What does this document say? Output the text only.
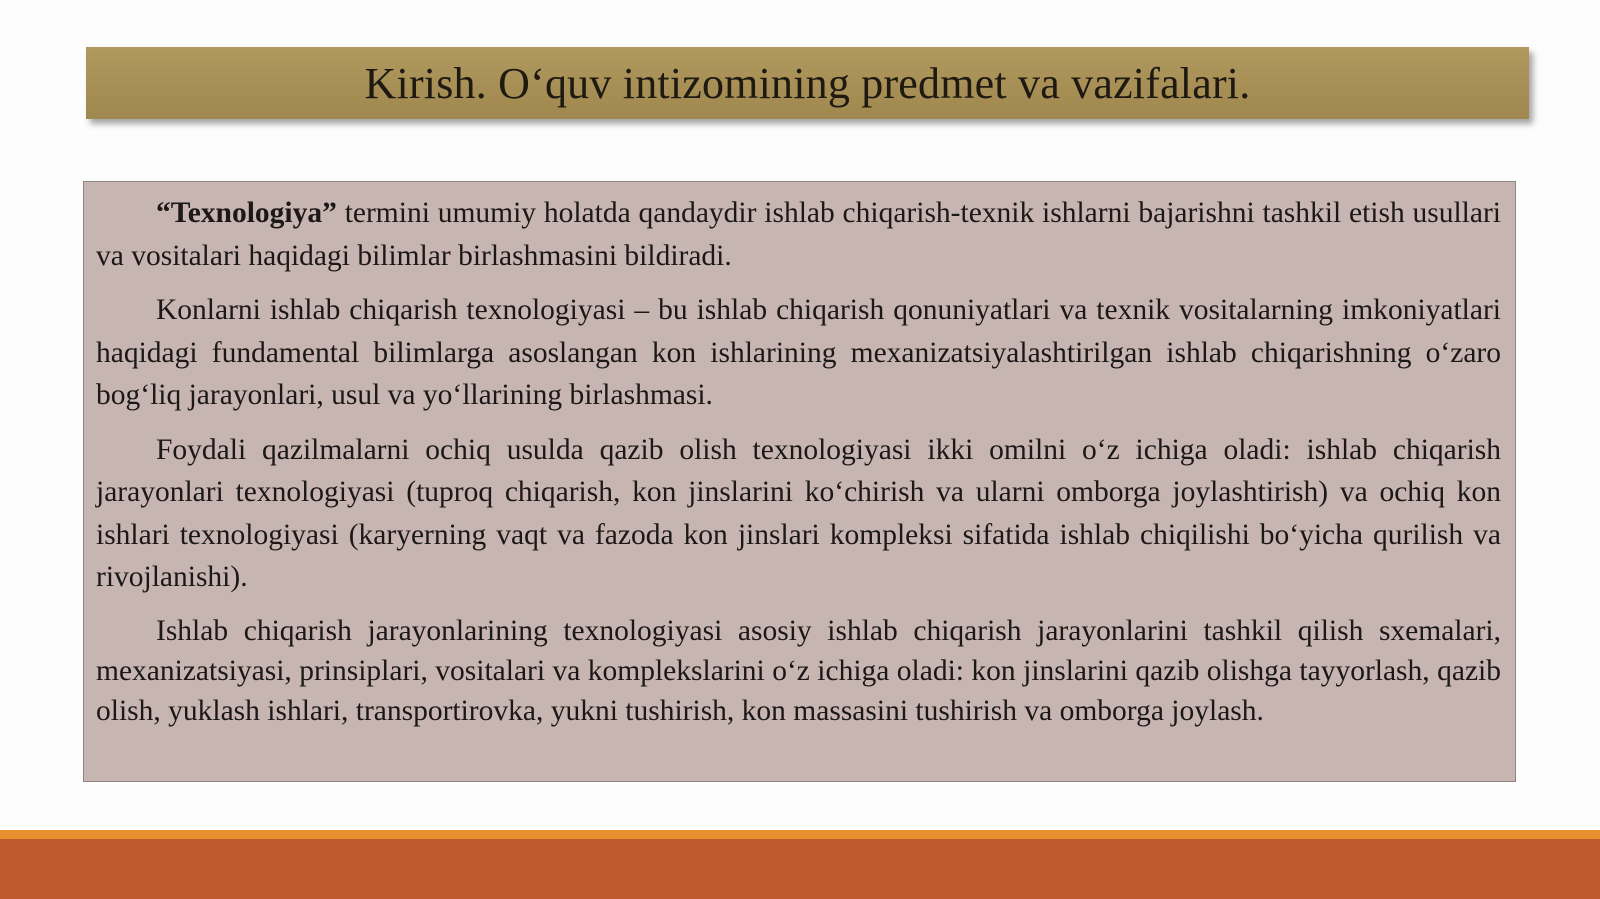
Kirish. O‘quv intizomining predmet va vazifalari.

“Texnologiya” termini umumiy holatda qandaydir ishlab chiqarish-texnik ishlarni bajarishni tashkil etish usullari va vositalari haqidagi bilimlar birlashmasini bildiradi.

Konlarni ishlab chiqarish texnologiyasi – bu ishlab chiqarish qonuniyatlari va texnik vositalarning imkoniyatlari haqidagi fundamental bilimlarga asoslangan kon ishlarining mexanizatsiyalashtirilgan ishlab chiqarishning o‘zaro bog‘liq jarayonlari, usul va yo‘llarining birlashmasi.

Foydali qazilmalarni ochiq usulda qazib olish texnologiyasi ikki omilni o‘z ichiga oladi: ishlab chiqarish jarayonlari texnologiyasi (tuproq chiqarish, kon jinslarini ko‘chirish va ularni omborga joylashtirish) va ochiq kon ishlari texnologiyasi (karyerning vaqt va fazoda kon jinslari kompleksi sifatida ishlab chiqilishi bo‘yicha qurilish va rivojlanishi).

Ishlab chiqarish jarayonlarining texnologiyasi asosiy ishlab chiqarish jarayonlarini tashkil qilish sxemalari, mexanizatsiyasi, prinsiplari, vositalari va komplekslarini o‘z ichiga oladi: kon jinslarini qazib olishga tayyorlash, qazib olish, yuklash ishlari, transportirovka, yukni tushirish, kon massasini tushirish va omborga joylash.
